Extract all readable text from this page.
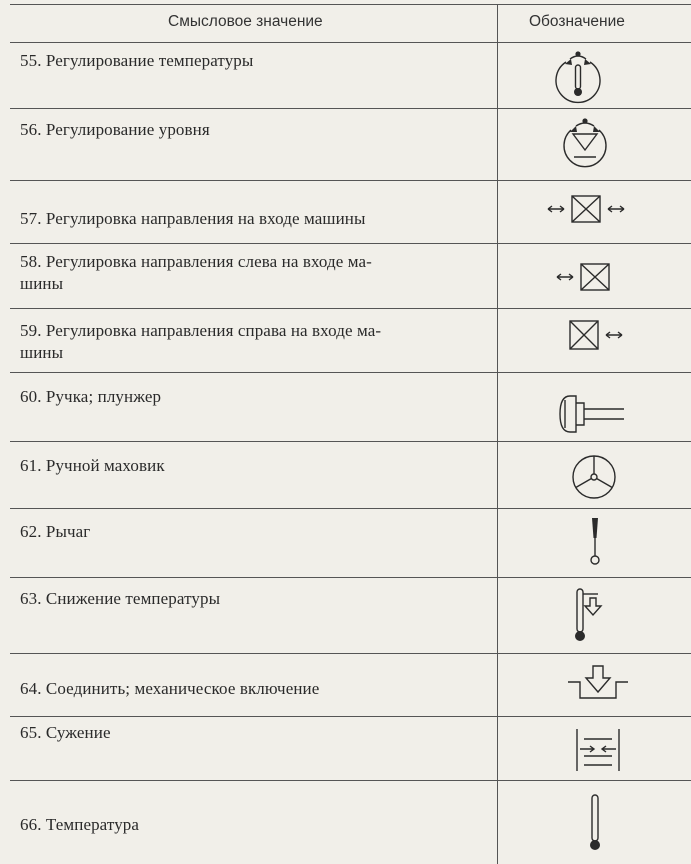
Смысловое значение	Обозначение
55. Регулирование температуры
56. Регулирование уровня
57. Регулировка направления на входе машины
58. Регулировка направления слева на входе ма-
шины
59. Регулировка направления справа на входе ма-
шины
60. Ручка; плунжер
61. Ручной маховик
62. Рычаг
63. Снижение температуры
64. Соединить; механическое включение
65. Сужение
66. Температура
